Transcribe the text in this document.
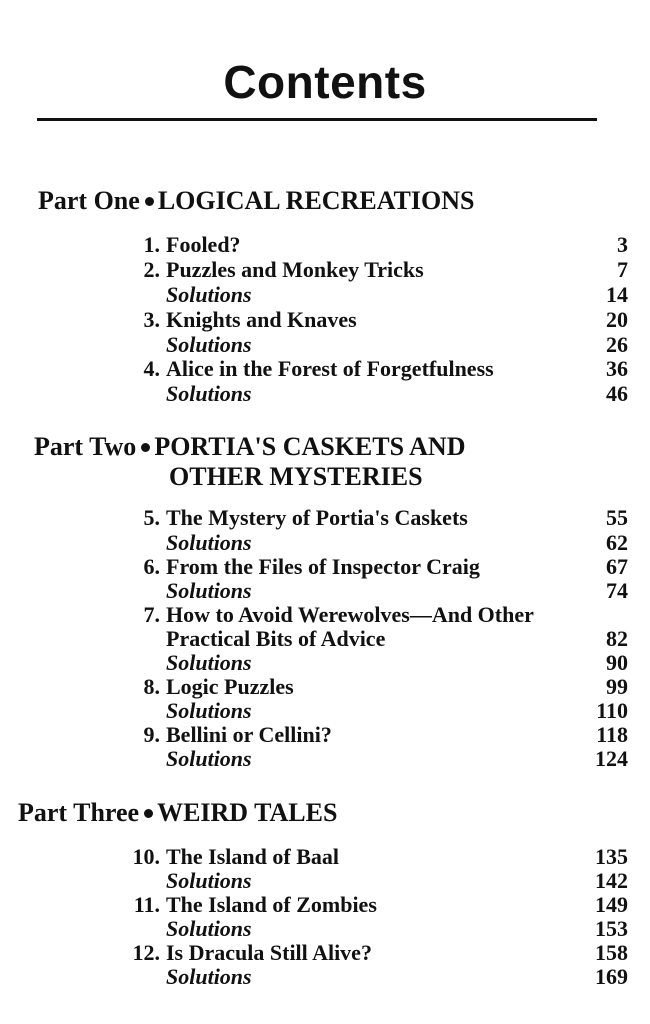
Contents
Part One LOGICAL RECREATIONS
Part Two PORTIA'S CASKETS AND
OTHER MYSTERIES
Part Three WEIRD TALES
1. Fooled?	3
2. Puzzles and Monkey Tricks	7
Solutions	14
3. Knights and Knaves	20
Solutions	26
4. Alice in the Forest of Forgetfulness	36
Solutions	46
5. The Mystery of Portia's Caskets	55
Solutions	62
6. From the Files of Inspector Craig	67
Solutions	74
7. How to Avoid Werewolves—And Other
Practical Bits of Advice	82
Solutions	90
8. Logic Puzzles	99
Solutions	110
9. Bellini or Cellini?	118
Solutions	124
10. The Island of Baal	135
Solutions	142
11. The Island of Zombies	149
Solutions	153
12. Is Dracula Still Alive?	158
Solutions	169
